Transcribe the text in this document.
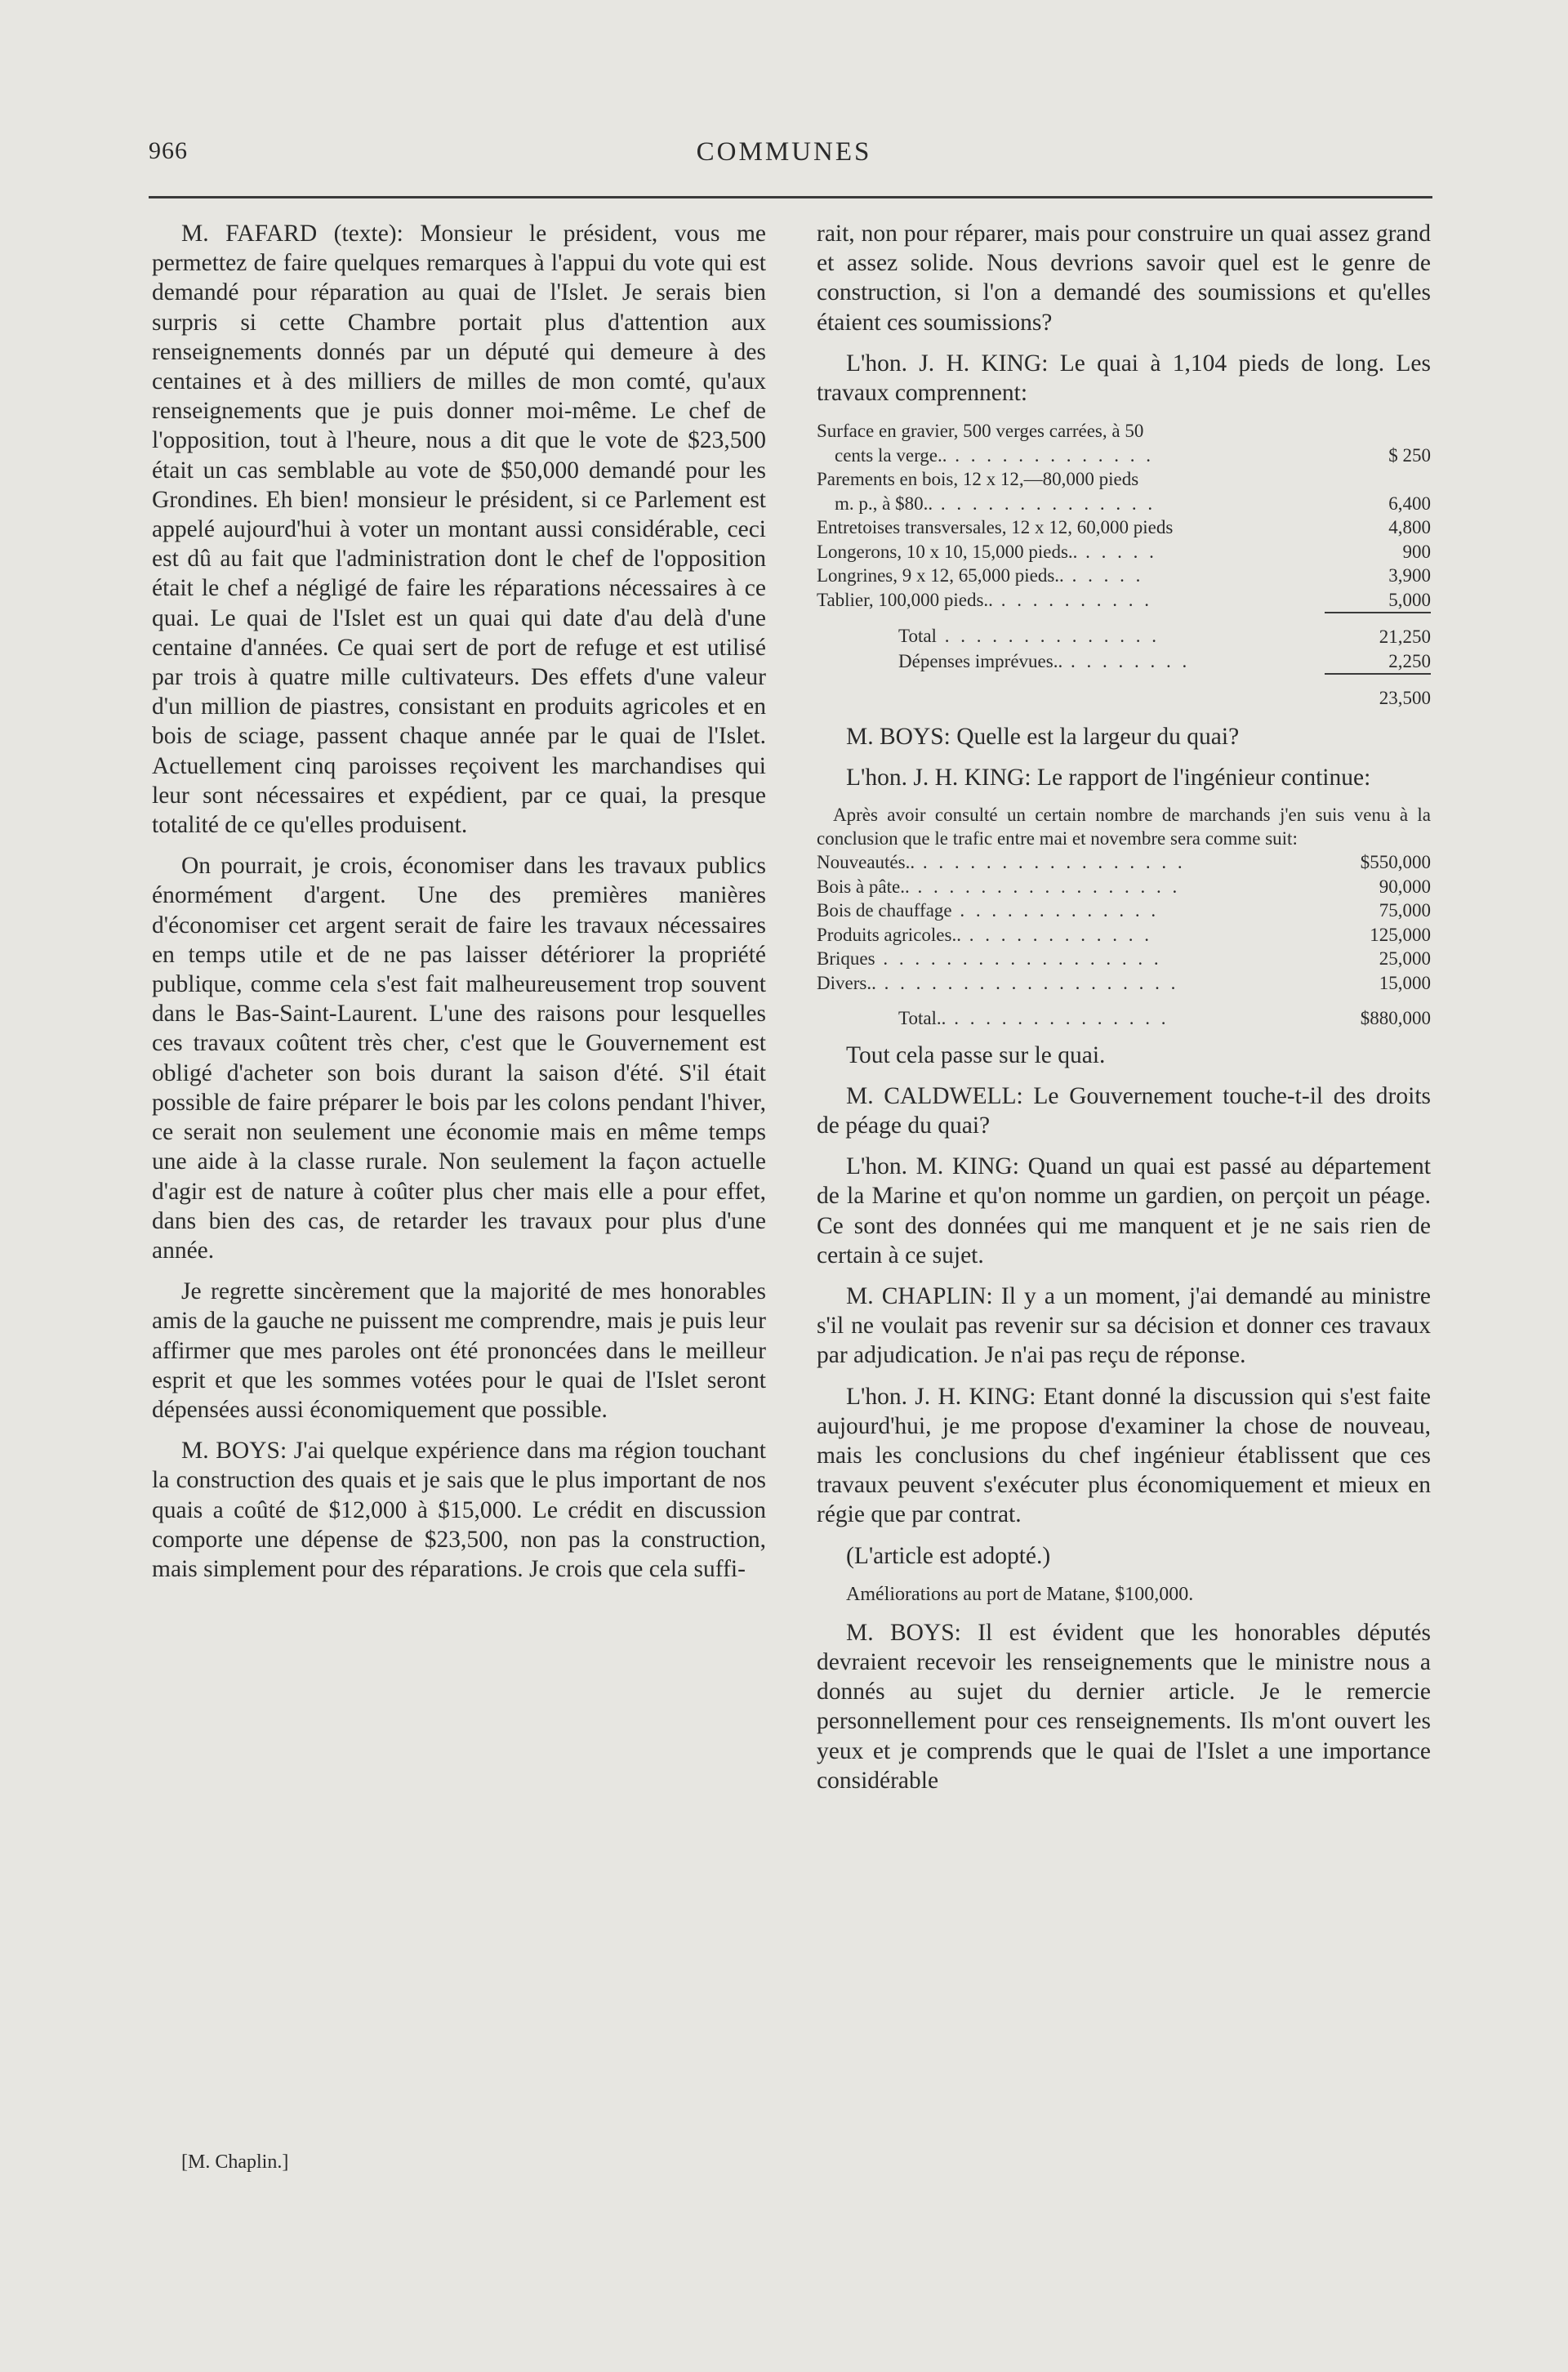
966	COMMUNES

M. FAFARD (texte): Monsieur le président, vous me permettez de faire quelques remarques à l'appui du vote qui est demandé pour réparation au quai de l'Islet. Je serais bien surpris si cette Chambre portait plus d'attention aux renseignements donnés par un député qui demeure à des centaines et à des milliers de milles de mon comté, qu'aux renseignements que je puis donner moi-même. Le chef de l'opposition, tout à l'heure, nous a dit que le vote de $23,500 était un cas semblable au vote de $50,000 demandé pour les Grondines. Eh bien! monsieur le président, si ce Parlement est appelé aujourd'hui à voter un montant aussi considérable, ceci est dû au fait que l'administration dont le chef de l'opposition était le chef a négligé de faire les réparations nécessaires à ce quai. Le quai de l'Islet est un quai qui date d'au delà d'une centaine d'années. Ce quai sert de port de refuge et est utilisé par trois à quatre mille cultivateurs. Des effets d'une valeur d'un million de piastres, consistant en produits agricoles et en bois de sciage, passent chaque année par le quai de l'Islet. Actuellement cinq paroisses reçoivent les marchandises qui leur sont nécessaires et expédient, par ce quai, la presque totalité de ce qu'elles produisent.

On pourrait, je crois, économiser dans les travaux publics énormément d'argent. Une des premières manières d'économiser cet argent serait de faire les travaux nécessaires en temps utile et de ne pas laisser détériorer la propriété publique, comme cela s'est fait malheureusement trop souvent dans le Bas-Saint-Laurent. L'une des raisons pour lesquelles ces travaux coûtent très cher, c'est que le Gouvernement est obligé d'acheter son bois durant la saison d'été. S'il était possible de faire préparer le bois par les colons pendant l'hiver, ce serait non seulement une économie mais en même temps une aide à la classe rurale. Non seulement la façon actuelle d'agir est de nature à coûter plus cher mais elle a pour effet, dans bien des cas, de retarder les travaux pour plus d'une année.

Je regrette sincèrement que la majorité de mes honorables amis de la gauche ne puissent me comprendre, mais je puis leur affirmer que mes paroles ont été prononcées dans le meilleur esprit et que les sommes votées pour le quai de l'Islet seront dépensées aussi économiquement que possible.

M. BOYS: J'ai quelque expérience dans ma région touchant la construction des quais et je sais que le plus important de nos quais a coûté de $12,000 à $15,000. Le crédit en discussion comporte une dépense de $23,500, non pas la construction, mais simplement pour des réparations. Je crois que cela suffi-

rait, non pour réparer, mais pour construire un quai assez grand et assez solide. Nous devrions savoir quel est le genre de construction, si l'on a demandé des soumissions et qu'elles étaient ces soumissions?

L'hon. J. H. KING: Le quai à 1,104 pieds de long. Les travaux comprennent:

Surface en gravier, 500 verges carrées, à 50	
cents la verge.. . . . . . . . . . . . . .	$ 250
Parements en bois, 12 x 12,—80,000 pieds	
m. p., à $80.. . . . . . . . . . . . . . .	6,400
Entretoises transversales, 12 x 12, 60,000 pieds	4,800
Longerons, 10 x 10, 15,000 pieds.. . . . . .	900
Longrines, 9 x 12, 65,000 pieds.. . . . . .	3,900
Tablier, 100,000 pieds.. . . . . . . . . . .	5,000
Total . . . . . . . . . . . . . .	21,250
Dépenses imprévues.. . . . . . . . .	2,250
	23,500

M. BOYS: Quelle est la largeur du quai?

L'hon. J. H. KING: Le rapport de l'ingénieur continue:

Après avoir consulté un certain nombre de marchands j'en suis venu à la conclusion que le trafic entre mai et novembre sera comme suit:
Nouveautés.. . . . . . . . . . . . . . . . . .	$550,000
Bois à pâte.. . . . . . . . . . . . . . . . . .	90,000
Bois de chauffage . . . . . . . . . . . . .	75,000
Produits agricoles.. . . . . . . . . . . . .	125,000
Briques . . . . . . . . . . . . . . . . . .	25,000
Divers.. . . . . . . . . . . . . . . . . . . .	15,000
Total.. . . . . . . . . . . . . . .	$880,000

Tout cela passe sur le quai.

M. CALDWELL: Le Gouvernement touche-t-il des droits de péage du quai?

L'hon. M. KING: Quand un quai est passé au département de la Marine et qu'on nomme un gardien, on perçoit un péage. Ce sont des données qui me manquent et je ne sais rien de certain à ce sujet.

M. CHAPLIN: Il y a un moment, j'ai demandé au ministre s'il ne voulait pas revenir sur sa décision et donner ces travaux par adjudication. Je n'ai pas reçu de réponse.

L'hon. J. H. KING: Etant donné la discussion qui s'est faite aujourd'hui, je me propose d'examiner la chose de nouveau, mais les conclusions du chef ingénieur établissent que ces travaux peuvent s'exécuter plus économiquement et mieux en régie que par contrat.

(L'article est adopté.)

Améliorations au port de Matane, $100,000.

M. BOYS: Il est évident que les honorables députés devraient recevoir les renseignements que le ministre nous a donnés au sujet du dernier article. Je le remercie personnellement pour ces renseignements. Ils m'ont ouvert les yeux et je comprends que le quai de l'Islet a une importance considérable

[M. Chaplin.]
